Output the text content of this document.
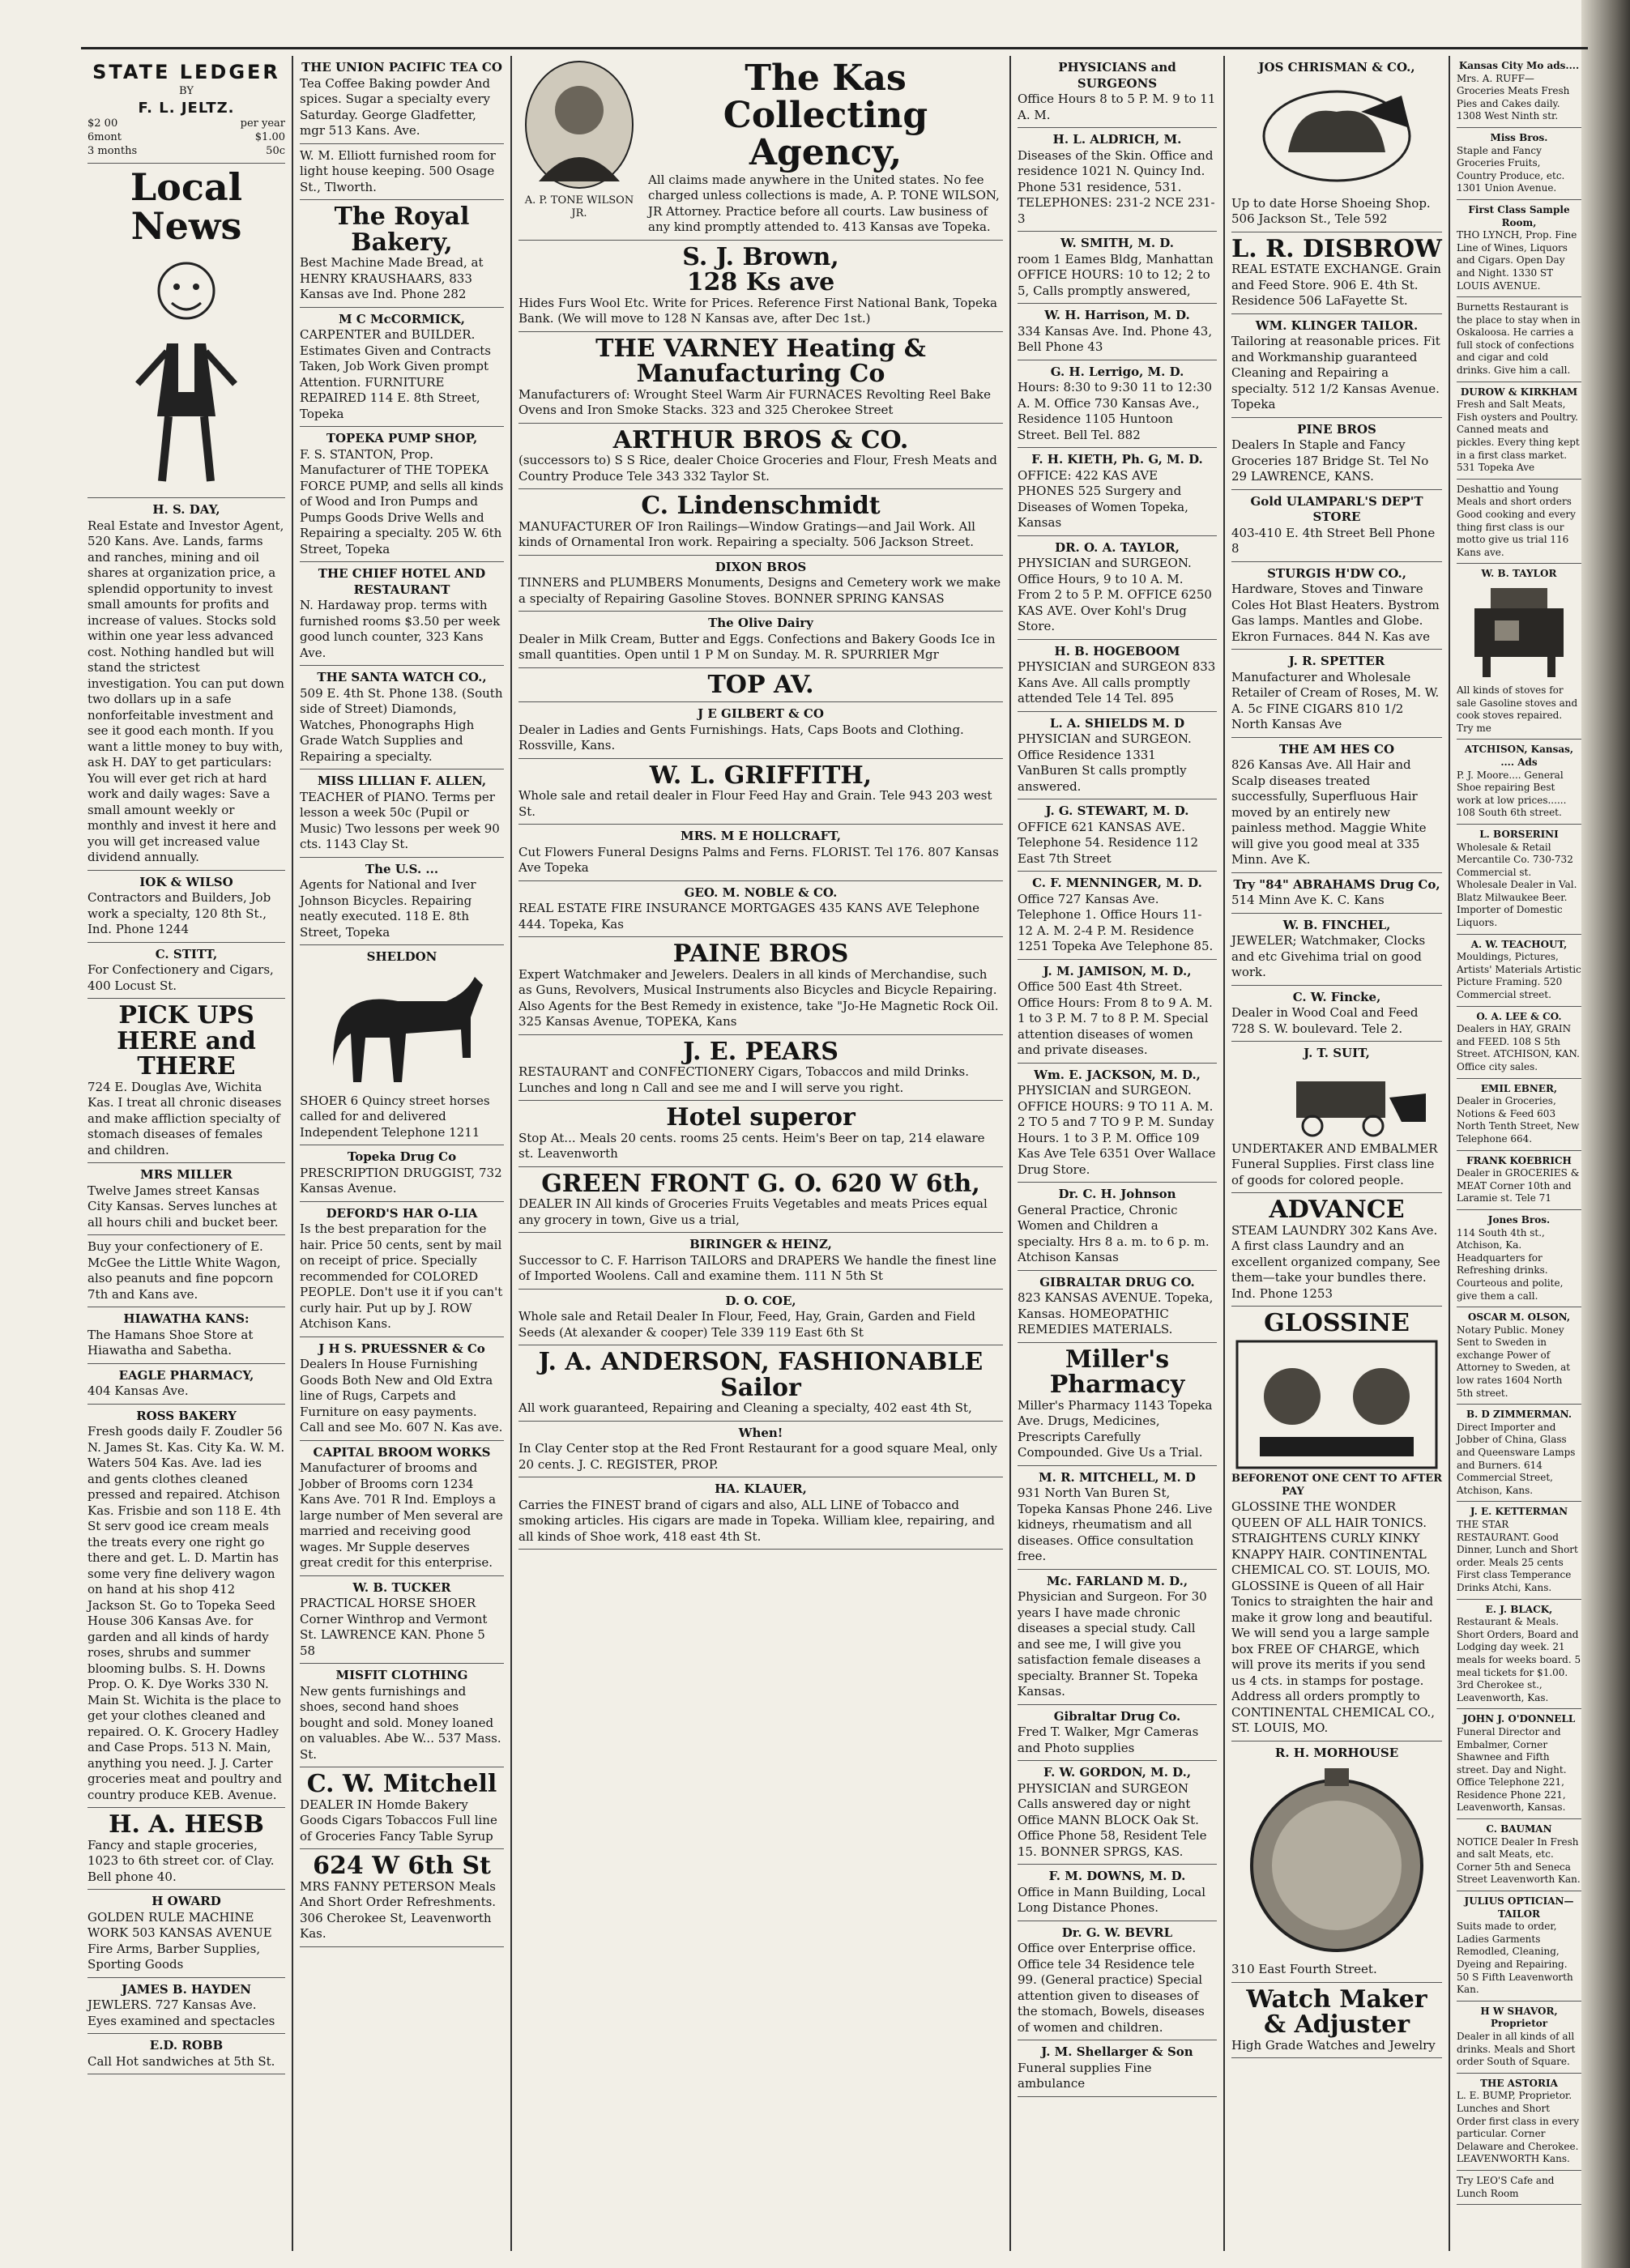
STATE LEDGER
BY
F. L. JELTZ.
$2 00	per year
6mont	$1.00
3 months	50c
Local News
H. S. DAY,

Real Estate and Investor Agent, 520 Kans. Ave. Lands, farms and ranches, mining and oil shares at organization price, a splendid opportunity to invest small amounts for profits and increase of values. Stocks sold within one year less advanced cost. Nothing handled but will stand the strictest investigation. You can put down two dollars up in a safe nonforfeitable investment and see it good each month. If you want a little money to buy with, ask H. DAY to get particulars: You will ever get rich at hard work and daily wages: Save a small amount weekly or monthly and invest it here and you will get increased value dividend annually.

IOK & WILSO

Contractors and Builders, Job work a specialty, 120 8th St., Ind. Phone 1244

C. STITT,

For Confectionery and Cigars, 400 Locust St.

PICK UPS HERE and THERE

724 E. Douglas Ave, Wichita Kas. I treat all chronic diseases and make affliction specialty of stomach diseases of females and children.

MRS MILLER

Twelve James street Kansas City Kansas. Serves lunches at all hours chili and bucket beer.

Buy your confectionery of E. McGee the Little White Wagon, also peanuts and fine popcorn 7th and Kans ave.

HIAWATHA KANS:

The Hamans Shoe Store at Hiawatha and Sabetha.

EAGLE PHARMACY,

404 Kansas Ave.

ROSS BAKERY

Fresh goods daily F. Zoudler 56 N. James St. Kas. City Ka. W. M. Waters 504 Kas. Ave. lad ies and gents clothes cleaned pressed and repaired. Atchison Kas. Frisbie and son 118 E. 4th St serv good ice cream meals the treats every one right go there and get. L. D. Martin has some very fine delivery wagon on hand at his shop 412 Jackson St. Go to Topeka Seed House 306 Kansas Ave. for garden and all kinds of hardy roses, shrubs and summer blooming bulbs. S. H. Downs Prop. O. K. Dye Works 330 N. Main St. Wichita is the place to get your clothes cleaned and repaired. O. K. Grocery Hadley and Case Props. 513 N. Main, anything you need. J. J. Carter groceries meat and poultry and country produce KEB. Avenue.

H. A. HESB

Fancy and staple groceries, 1023 to 6th street cor. of Clay. Bell phone 40.

H OWARD

GOLDEN RULE MACHINE WORK 503 KANSAS AVENUE Fire Arms, Barber Supplies, Sporting Goods

JAMES B. HAYDEN

JEWLERS. 727 Kansas Ave. Eyes examined and spectacles

E.D. ROBB

Call Hot sandwiches at 5th St.

THE UNION PACIFIC TEA CO

Tea Coffee Baking powder And spices. Sugar a specialty every Saturday. George Gladfetter, mgr 513 Kans. Ave.

W. M. Elliott furnished room for light house keeping. 500 Osage St., Tlworth.

The Royal Bakery,

Best Machine Made Bread, at HENRY KRAUSHAARS, 833 Kansas ave Ind. Phone 282

M C McCORMICK,

CARPENTER and BUILDER. Estimates Given and Contracts Taken, Job Work Given prompt Attention. FURNITURE REPAIRED 114 E. 8th Street, Topeka

TOPEKA PUMP SHOP,

F. S. STANTON, Prop. Manufacturer of THE TOPEKA FORCE PUMP, and sells all kinds of Wood and Iron Pumps and Pumps Goods Drive Wells and Repairing a specialty. 205 W. 6th Street, Topeka

THE CHIEF HOTEL AND RESTAURANT

N. Hardaway prop. terms with furnished rooms $3.50 per week good lunch counter, 323 Kans Ave.

THE SANTA WATCH CO.,

509 E. 4th St. Phone 138. (South side of Street) Diamonds, Watches, Phonographs High Grade Watch Supplies and Repairing a specialty.

MISS LILLIAN F. ALLEN,

TEACHER of PIANO. Terms per lesson a week 50c (Pupil or Music) Two lessons per week 90 cts. 1143 Clay St.

The U.S. ...

Agents for National and Iver Johnson Bicycles. Repairing neatly executed. 118 E. 8th Street, Topeka

SHELDON

SHOER 6 Quincy street horses called for and delivered Independent Telephone 1211

Topeka Drug Co

PRESCRIPTION DRUGGIST, 732 Kansas Avenue.

DEFORD'S HAR O-LIA

Is the best preparation for the hair. Price 50 cents, sent by mail on receipt of price. Specially recommended for COLORED PEOPLE. Don't use it if you can't curly hair. Put up by J. ROW Atchison Kans.

J H S. PRUESSNER & Co

Dealers In House Furnishing Goods Both New and Old Extra line of Rugs, Carpets and Furniture on easy payments. Call and see Mo. 607 N. Kas ave.

CAPITAL BROOM WORKS

Manufacturer of brooms and Jobber of Brooms corn 1234 Kans Ave. 701 R Ind. Employs a large number of Men several are married and receiving good wages. Mr Supple deserves great credit for this enterprise.

W. B. TUCKER

PRACTICAL HORSE SHOER Corner Winthrop and Vermont St. LAWRENCE KAN. Phone 5 58

MISFIT CLOTHING

New gents furnishings and shoes, second hand shoes bought and sold. Money loaned on valuables. Abe W... 537 Mass. St.

C. W. Mitchell

DEALER IN Homde Bakery Goods Cigars Tobaccos Full line of Groceries Fancy Table Syrup

624 W 6th St

MRS FANNY PETERSON Meals And Short Order Refreshments. 306 Cherokee St, Leavenworth Kas.

A. P. TONE WILSON JR.
The Kas Collecting Agency,

All claims made anywhere in the United states. No fee charged unless collections is made, A. P. TONE WILSON, JR Attorney. Practice before all courts. Law business of any kind promptly attended to. 413 Kansas ave Topeka.

S. J. Brown,
128 Ks ave

Hides Furs Wool Etc. Write for Prices. Reference First National Bank, Topeka Bank. (We will move to 128 N Kansas ave, after Dec 1st.)

THE VARNEY Heating & Manufacturing Co

Manufacturers of: Wrought Steel Warm Air FURNACES Revolting Reel Bake Ovens and Iron Smoke Stacks. 323 and 325 Cherokee Street

ARTHUR BROS & CO.

(successors to) S S Rice, dealer Choice Groceries and Flour, Fresh Meats and Country Produce Tele 343 332 Taylor St.

C. Lindenschmidt

MANUFACTURER OF Iron Railings—Window Gratings—and Jail Work. All kinds of Ornamental Iron work. Repairing a specialty. 506 Jackson Street.

DIXON BROS

TINNERS and PLUMBERS Monuments, Designs and Cemetery work we make a specialty of Repairing Gasoline Stoves. BONNER SPRING KANSAS

The Olive Dairy

Dealer in Milk Cream, Butter and Eggs. Confections and Bakery Goods Ice in small quantities. Open until 1 P M on Sunday. M. R. SPURRIER Mgr

TOP AV.
J E GILBERT & CO

Dealer in Ladies and Gents Furnishings. Hats, Caps Boots and Clothing. Rossville, Kans.

W. L. GRIFFITH,

Whole sale and retail dealer in Flour Feed Hay and Grain. Tele 943 203 west St.

MRS. M E HOLLCRAFT,

Cut Flowers Funeral Designs Palms and Ferns. FLORIST. Tel 176. 807 Kansas Ave Topeka

GEO. M. NOBLE & CO.

REAL ESTATE FIRE INSURANCE MORTGAGES 435 KANS AVE Telephone 444. Topeka, Kas

PAINE BROS

Expert Watchmaker and Jewelers. Dealers in all kinds of Merchandise, such as Guns, Revolvers, Musical Instruments also Bicycles and Bicycle Repairing. Also Agents for the Best Remedy in existence, take "Jo-He Magnetic Rock Oil. 325 Kansas Avenue, TOPEKA, Kans

J. E. PEARS

RESTAURANT and CONFECTIONERY Cigars, Tobaccos and mild Drinks. Lunches and long n Call and see me and I will serve you right.

Hotel superor

Stop At... Meals 20 cents. rooms 25 cents. Heim's Beer on tap, 214 elaware st. Leavenworth

GREEN FRONT G. O. 620 W 6th,

DEALER IN All kinds of Groceries Fruits Vegetables and meats Prices equal any grocery in town, Give us a trial,

BIRINGER & HEINZ,

Successor to C. F. Harrison TAILORS and DRAPERS We handle the finest line of Imported Woolens. Call and examine them. 111 N 5th St

D. O. COE,

Whole sale and Retail Dealer In Flour, Feed, Hay, Grain, Garden and Field Seeds (At alexander & cooper) Tele 339 119 East 6th St

J. A. ANDERSON, FASHIONABLE Sailor

All work guaranteed, Repairing and Cleaning a specialty, 402 east 4th St,

When!

In Clay Center stop at the Red Front Restaurant for a good square Meal, only 20 cents. J. C. REGISTER, PROP.

HA. KLAUER,

Carries the FINEST brand of cigars and also, ALL LINE of Tobacco and smoking articles. His cigars are made in Topeka. William klee, repairing, and all kinds of Shoe work, 418 east 4th St.

PHYSICIANS and SURGEONS

Office Hours 8 to 5 P. M. 9 to 11 A. M.

H. L. ALDRICH, M.

Diseases of the Skin. Office and residence 1021 N. Quincy Ind. Phone 531 residence, 531. TELEPHONES: 231-2 NCE 231-3

W. SMITH, M. D.

room 1 Eames Bldg, Manhattan OFFICE HOURS: 10 to 12; 2 to 5, Calls promptly answered,

W. H. Harrison, M. D.

334 Kansas Ave. Ind. Phone 43, Bell Phone 43

G. H. Lerrigo, M. D.

Hours: 8:30 to 9:30 11 to 12:30 A. M. Office 730 Kansas Ave., Residence 1105 Huntoon Street. Bell Tel. 882

F. H. KIETH, Ph. G, M. D.

OFFICE: 422 KAS AVE PHONES 525 Surgery and Diseases of Women Topeka, Kansas

DR. O. A. TAYLOR,

PHYSICIAN and SURGEON. Office Hours, 9 to 10 A. M. From 2 to 5 P. M. OFFICE 6250 KAS AVE. Over Kohl's Drug Store.

H. B. HOGEBOOM

PHYSICIAN and SURGEON 833 Kans Ave. All calls promptly attended Tele 14 Tel. 895

L. A. SHIELDS M. D

PHYSICIAN and SURGEON. Office Residence 1331 VanBuren St calls promptly answered.

J. G. STEWART, M. D.

OFFICE 621 KANSAS AVE. Telephone 54. Residence 112 East 7th Street

C. F. MENNINGER, M. D.

Office 727 Kansas Ave. Telephone 1. Office Hours 11-12 A. M. 2-4 P. M. Residence 1251 Topeka Ave Telephone 85.

J. M. JAMISON, M. D.,

Office 500 East 4th Street. Office Hours: From 8 to 9 A. M. 1 to 3 P. M. 7 to 8 P. M. Special attention diseases of women and private diseases.

Wm. E. JACKSON, M. D.,

PHYSICIAN and SURGEON. OFFICE HOURS: 9 TO 11 A. M. 2 TO 5 and 7 TO 9 P. M. Sunday Hours. 1 to 3 P. M. Office 109 Kas Ave Tele 6351 Over Wallace Drug Store.

Dr. C. H. Johnson

General Practice, Chronic Women and Children a specialty. Hrs 8 a. m. to 6 p. m. Atchison Kansas

GIBRALTAR DRUG CO.

823 KANSAS AVENUE. Topeka, Kansas. HOMEOPATHIC REMEDIES MATERIALS.

Miller's Pharmacy

Miller's Pharmacy 1143 Topeka Ave. Drugs, Medicines, Prescripts Carefully Compounded. Give Us a Trial.

M. R. MITCHELL, M. D

931 North Van Buren St, Topeka Kansas Phone 246. Live kidneys, rheumatism and all diseases. Office consultation free.

Mc. FARLAND M. D.,

Physician and Surgeon. For 30 years I have made chronic diseases a special study. Call and see me, I will give you satisfaction female diseases a specialty. Branner St. Topeka Kansas.

Gibraltar Drug Co.

Fred T. Walker, Mgr Cameras and Photo supplies

F. W. GORDON, M. D.,

PHYSICIAN and SURGEON Calls answered day or night Office MANN BLOCK Oak St. Office Phone 58, Resident Tele 15. BONNER SPRGS, KAS.

F. M. DOWNS, M. D.

Office in Mann Building, Local Long Distance Phones.

Dr. G. W. BEVRL

Office over Enterprise office. Office tele 34 Residence tele 99. (General practice) Special attention given to diseases of the stomach, Bowels, diseases of women and children.

J. M. Shellarger & Son

Funeral supplies Fine ambulance

JOS CHRISMAN & CO.,

Up to date Horse Shoeing Shop. 506 Jackson St., Tele 592

L. R. DISBROW

REAL ESTATE EXCHANGE. Grain and Feed Store. 906 E. 4th St. Residence 506 LaFayette St.

WM. KLINGER TAILOR.

Tailoring at reasonable prices. Fit and Workmanship guaranteed Cleaning and Repairing a specialty. 512 1/2 Kansas Avenue. Topeka

PINE BROS

Dealers In Staple and Fancy Groceries 187 Bridge St. Tel No 29 LAWRENCE, KANS.

Gold ULAMPARL'S DEP'T STORE

403-410 E. 4th Street Bell Phone 8

STURGIS H'DW CO.,

Hardware, Stoves and Tinware Coles Hot Blast Heaters. Bystrom Gas lamps. Mantles and Globe. Ekron Furnaces. 844 N. Kas ave

J. R. SPETTER

Manufacturer and Wholesale Retailer of Cream of Roses, M. W. A. 5c FINE CIGARS 810 1/2 North Kansas Ave

THE AM HES CO

826 Kansas Ave. All Hair and Scalp diseases treated successfully, Superfluous Hair moved by an entirely new painless method. Maggie White will give you good meal at 335 Minn. Ave K.

Try "84" ABRAHAMS Drug Co,

514 Minn Ave K. C. Kans

W. B. FINCHEL,

JEWELER; Watchmaker, Clocks and etc Givehima trial on good work.

C. W. Fincke,

Dealer in Wood Coal and Feed 728 S. W. boulevard. Tele 2.

J. T. SUIT,

UNDERTAKER AND EMBALMER Funeral Supplies. First class line of goods for colored people.

ADVANCE

STEAM LAUNDRY 302 Kans Ave. A first class Laundry and an excellent organized company, See them—take your bundles there. Ind. Phone 1253

GLOSSINE
BEFORE NOT ONE CENT TO PAY
AFTER

GLOSSINE THE WONDER QUEEN OF ALL HAIR TONICS. STRAIGHTENS CURLY KINKY KNAPPY HAIR. CONTINENTAL CHEMICAL CO. ST. LOUIS, MO. GLOSSINE is Queen of all Hair Tonics to straighten the hair and make it grow long and beautiful. We will send you a large sample box FREE OF CHARGE, which will prove its merits if you send us 4 cts. in stamps for postage. Address all orders promptly to CONTINENTAL CHEMICAL CO., ST. LOUIS, MO.

R. H. MORHOUSE

310 East Fourth Street.

Watch Maker & Adjuster

High Grade Watches and Jewelry

Kansas City Mo ads....

Mrs. A. RUFF—Groceries Meats Fresh Pies and Cakes daily. 1308 West Ninth str.

Miss Bros.

Staple and Fancy Groceries Fruits, Country Produce, etc. 1301 Union Avenue.

First Class Sample Room,

THO LYNCH, Prop. Fine Line of Wines, Liquors and Cigars. Open Day and Night. 1330 ST LOUIS AVENUE.

Burnetts Restaurant is the place to stay when in Oskaloosa. He carries a full stock of confections and cigar and cold drinks. Give him a call.

DUROW & KIRKHAM

Fresh and Salt Meats, Fish oysters and Poultry. Canned meats and pickles. Every thing kept in a first class market. 531 Topeka Ave

Deshattio and Young Meals and short orders Good cooking and every thing first class is our motto give us trial 116 Kans ave.

W. B. TAYLOR

All kinds of stoves for sale Gasoline stoves and cook stoves repaired. Try me

ATCHISON, Kansas, .... Ads

P. J. Moore.... General Shoe repairing Best work at low prices...... 108 South 6th street.

L. BORSERINI

Wholesale & Retail Mercantile Co. 730-732 Commercial st. Wholesale Dealer in Val. Blatz Milwaukee Beer. Importer of Domestic Liquors.

A. W. TEACHOUT,

Mouldings, Pictures, Artists' Materials Artistic Picture Framing. 520 Commercial street.

O. A. LEE & CO.

Dealers in HAY, GRAIN and FEED. 108 S 5th Street. ATCHISON, KAN. Office city sales.

EMIL EBNER,

Dealer in Groceries, Notions & Feed 603 North Tenth Street, New Telephone 664.

FRANK KOEBRICH

Dealer in GROCERIES & MEAT Corner 10th and Laramie st. Tele 71

Jones Bros.

114 South 4th st., Atchison, Ka. Headquarters for Refreshing drinks. Courteous and polite, give them a call.

OSCAR M. OLSON,

Notary Public. Money Sent to Sweden in exchange Power of Attorney to Sweden, at low rates 1604 North 5th street.

B. D ZIMMERMAN.

Direct Importer and Jobber of China, Glass and Queensware Lamps and Burners. 614 Commercial Street, Atchison, Kans.

J. E. KETTERMAN

THE STAR RESTAURANT. Good Dinner, Lunch and Short order. Meals 25 cents First class Temperance Drinks Atchi, Kans.

E. J. BLACK,

Restaurant & Meals. Short Orders, Board and Lodging day week. 21 meals for weeks board. 5 meal tickets for $1.00. 3rd Cherokee st., Leavenworth, Kas.

JOHN J. O'DONNELL

Funeral Director and Embalmer, Corner Shawnee and Fifth street. Day and Night. Office Telephone 221, Residence Phone 221, Leavenworth, Kansas.

C. BAUMAN

NOTICE Dealer In Fresh and salt Meats, etc. Corner 5th and Seneca Street Leavenworth Kan.

JULIUS OPTICIAN—TAILOR

Suits made to order, Ladies Garments Remodled, Cleaning, Dyeing and Repairing. 50 S Fifth Leavenworth Kan.

H W SHAVOR, Proprietor

Dealer in all kinds of all drinks. Meals and Short order South of Square.

THE ASTORIA

L. E. BUMP, Proprietor. Lunches and Short Order first class in every particular. Corner Delaware and Cherokee. LEAVENWORTH Kans.

Try LEO'S Cafe and Lunch Room
